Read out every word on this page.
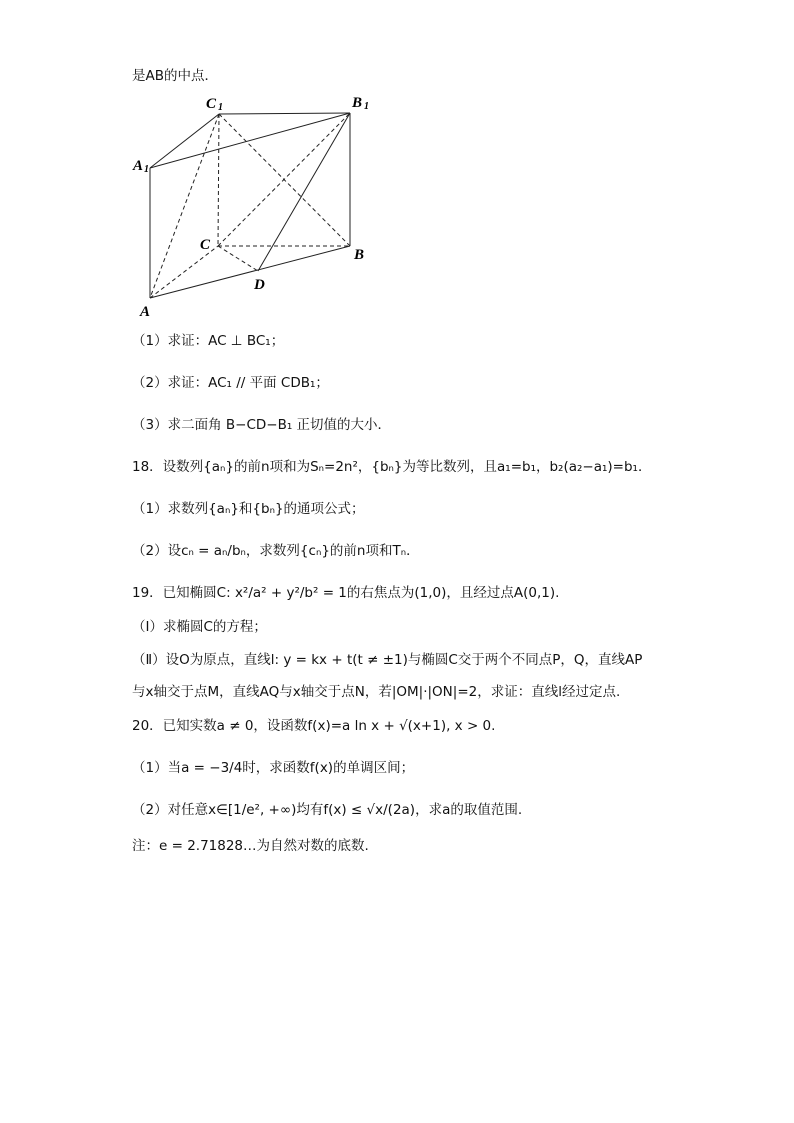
是AB的中点．
C 1	B 1
A 1
C
B
D
A
（1）求证：AC ⊥ BC₁；
（2）求证：AC₁ // 平面 CDB₁；
（3）求二面角 B−CD−B₁ 正切值的大小．
18．设数列{aₙ}的前n项和为Sₙ=2n²，{bₙ}为等比数列，且a₁=b₁，b₂(a₂−a₁)=b₁．
（1）求数列{aₙ}和{bₙ}的通项公式；
（2）设cₙ = aₙ/bₙ，求数列{cₙ}的前n项和Tₙ．
19．已知椭圆C: x²/a² + y²/b² = 1的右焦点为(1,0)，且经过点A(0,1).
（Ⅰ）求椭圆C的方程；
（Ⅱ）设O为原点，直线l: y = kx + t(t ≠ ±1)与椭圆C交于两个不同点P，Q，直线AP
与x轴交于点M，直线AQ与x轴交于点N，若|OM|·|ON|=2，求证：直线l经过定点.
20．已知实数a ≠ 0，设函数f(x)=a ln x + √(x+1), x > 0.
（1）当a = −3/4时，求函数f(x)的单调区间；
（2）对任意x∈[1/e², +∞)均有f(x) ≤ √x/(2a)，求a的取值范围.
注：e = 2.71828…为自然对数的底数.
